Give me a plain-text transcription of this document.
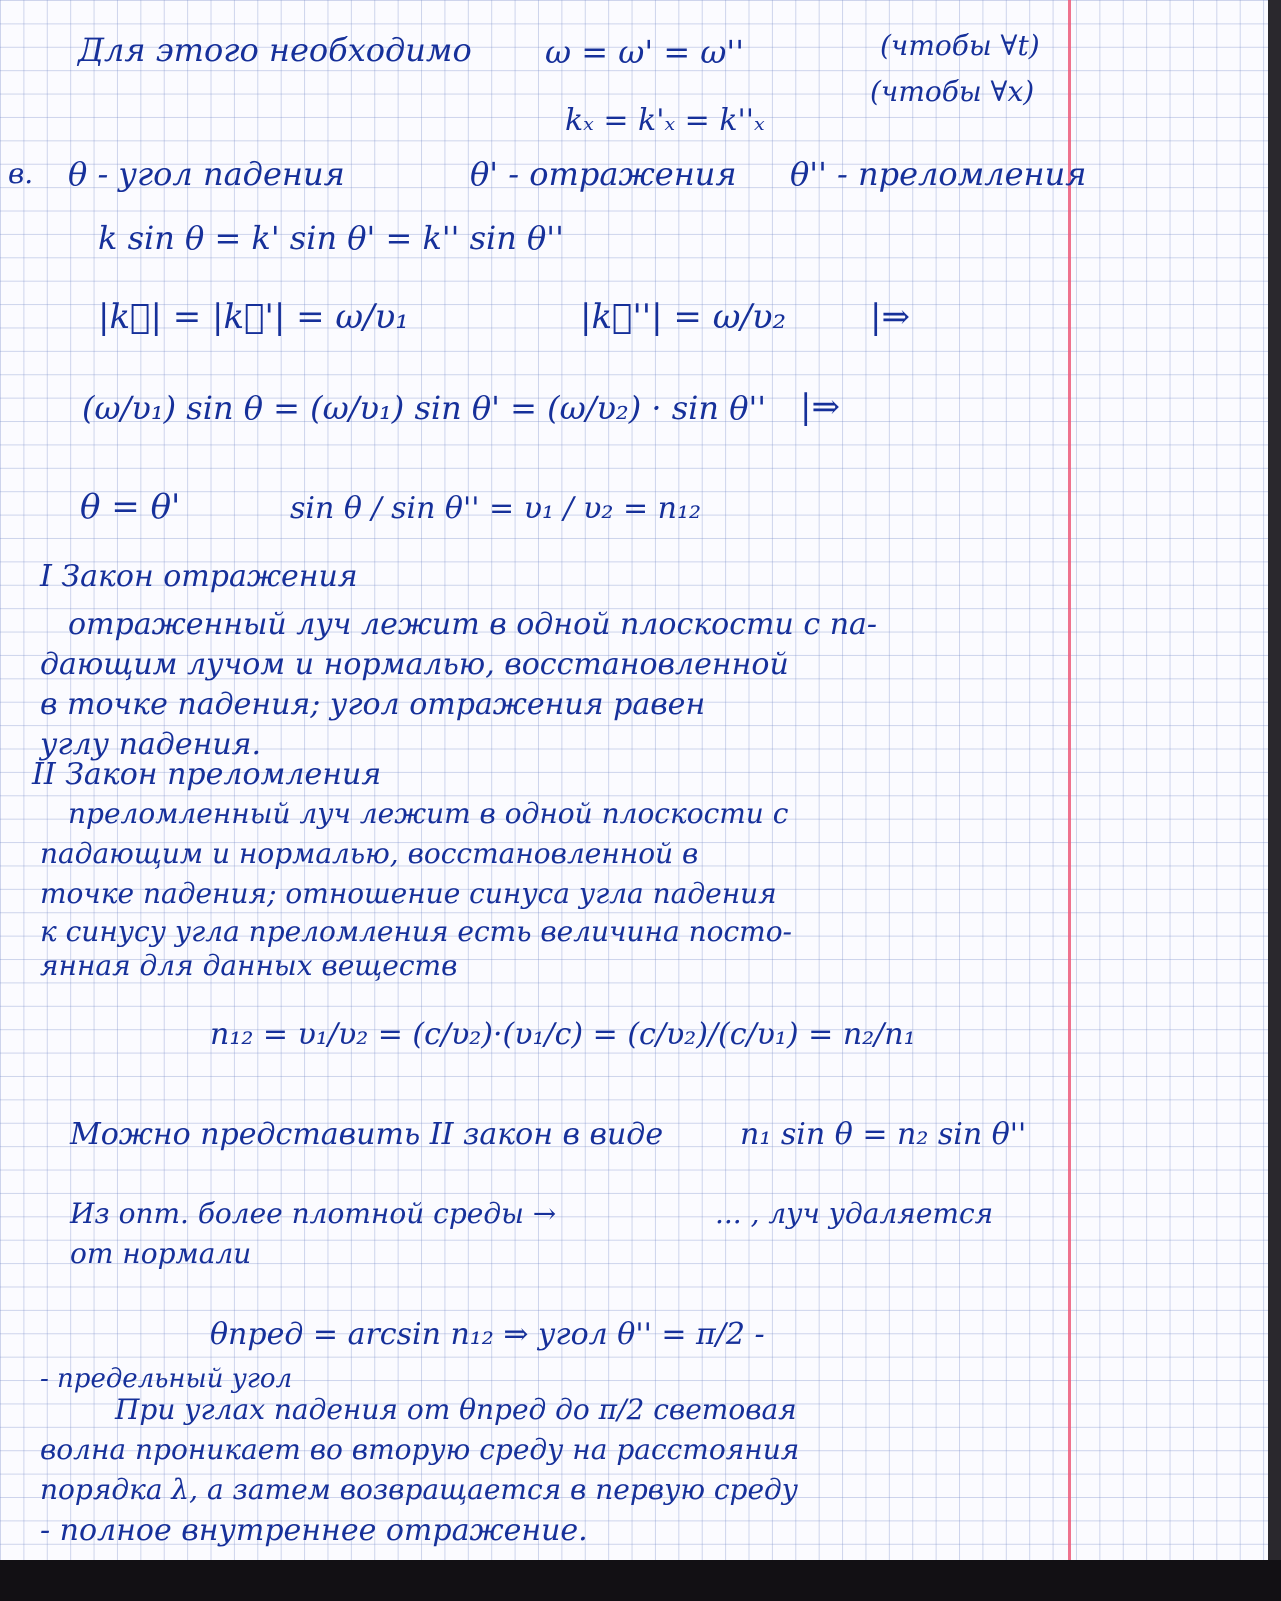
Для этого необходимо ω = ω' = ω''	(чтобы ∀t)
kₓ = k'ₓ = k''ₓ
(чтобы ∀x)
в. θ - угол падения	θ' - отражения θ'' - преломления
k sin θ = k' sin θ' = k'' sin θ''
|k⃗| = |k⃗'| = ω/υ₁	|k⃗''| = ω/υ₂ |⇒
(ω/υ₁) sin θ = (ω/υ₁) sin θ' = (ω/υ₂) · sin θ'' |⇒
θ = θ'	sin θ / sin θ'' = υ₁ / υ₂ = n₁₂
I Закон отражения
отраженный луч лежит в одной плоскости с па-
дающим лучом и нормалью, восстановленной
в точке падения; угол отражения равен
углу падения.
II Закон преломления
преломленный луч лежит в одной плоскости с
падающим и нормалью, восстановленной в
точке падения; отношение синуса угла падения
к синусу угла преломления есть величина посто-
янная для данных веществ
n₁₂ = υ₁/υ₂ = (c/υ₂)·(υ₁/c) = (c/υ₂)/(c/υ₁) = n₂/n₁
Можно представить II закон в виде	n₁ sin θ = n₂ sin θ''
Из опт. более плотной среды →	... , луч удаляется
от нормали
θпред = arcsin n₁₂ ⇒ угол θ'' = π/2 -
- предельный угол
При углах падения от θпред до π/2 световая
волна проникает во вторую среду на расстояния
порядка λ, а затем возвращается в первую среду
- полное внутреннее отражение.
